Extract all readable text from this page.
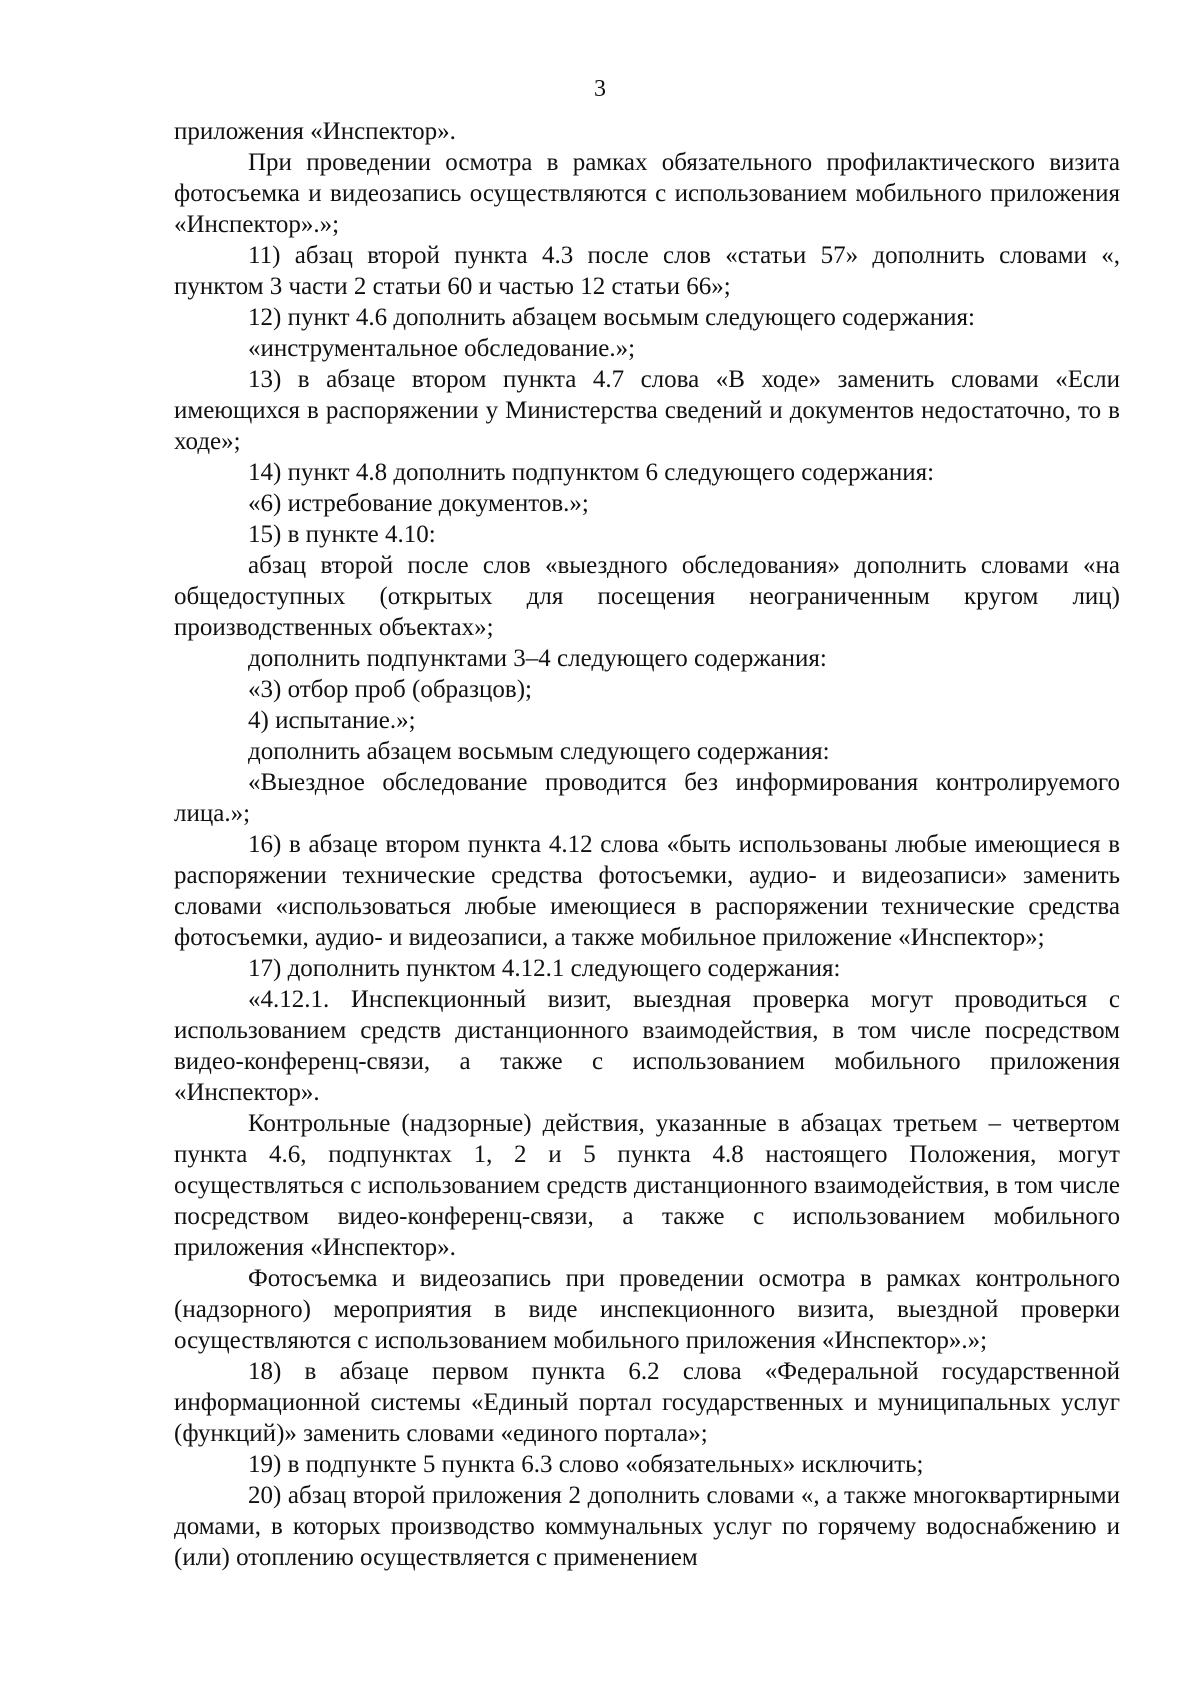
3

приложения «Инспектор».

При проведении осмотра в рамках обязательного профилактического визита фотосъемка и видеозапись осуществляются с использованием мобильного приложения «Инспектор».»;

11) абзац второй пункта 4.3 после слов «статьи 57» дополнить словами «, пунктом 3 части 2 статьи 60 и частью 12 статьи 66»;

12) пункт 4.6 дополнить абзацем восьмым следующего содержания:

«инструментальное обследование.»;

13) в абзаце втором пункта 4.7 слова «В ходе» заменить словами «Если имеющихся в распоряжении у Министерства сведений и документов недостаточно, то в ходе»;

14) пункт 4.8 дополнить подпунктом 6 следующего содержания:

«6) истребование документов.»;

15) в пункте 4.10:

абзац второй после слов «выездного обследования» дополнить словами «на общедоступных (открытых для посещения неограниченным кругом лиц) производственных объектах»;

дополнить подпунктами 3–4 следующего содержания:

«3) отбор проб (образцов);

4) испытание.»;

дополнить абзацем восьмым следующего содержания:

«Выездное обследование проводится без информирования контролируемого лица.»;

16) в абзаце втором пункта 4.12 слова «быть использованы любые имеющиеся в распоряжении технические средства фотосъемки, аудио- и видеозаписи» заменить словами «использоваться любые имеющиеся в распоряжении технические средства фотосъемки, аудио- и видеозаписи, а также мобильное приложение «Инспектор»;

17) дополнить пунктом 4.12.1 следующего содержания:

«4.12.1. Инспекционный визит, выездная проверка могут проводиться с использованием средств дистанционного взаимодействия, в том числе посредством видео-конференц-связи, а также с использованием мобильного приложения «Инспектор».

Контрольные (надзорные) действия, указанные в абзацах третьем – четвертом пункта 4.6, подпунктах 1, 2 и 5 пункта 4.8 настоящего Положения, могут осуществляться с использованием средств дистанционного взаимодействия, в том числе посредством видео-конференц-связи, а также с использованием мобильного приложения «Инспектор».

Фотосъемка и видеозапись при проведении осмотра в рамках контрольного (надзорного) мероприятия в виде инспекционного визита, выездной проверки осуществляются с использованием мобильного приложения «Инспектор».»;

18) в абзаце первом пункта 6.2 слова «Федеральной государственной информационной системы «Единый портал государственных и муниципальных услуг (функций)» заменить словами «единого портала»;

19) в подпункте 5 пункта 6.3 слово «обязательных» исключить;

20) абзац второй приложения 2 дополнить словами «, а также многоквартирными домами, в которых производство коммунальных услуг по горячему водоснабжению и (или) отоплению осуществляется с применением
